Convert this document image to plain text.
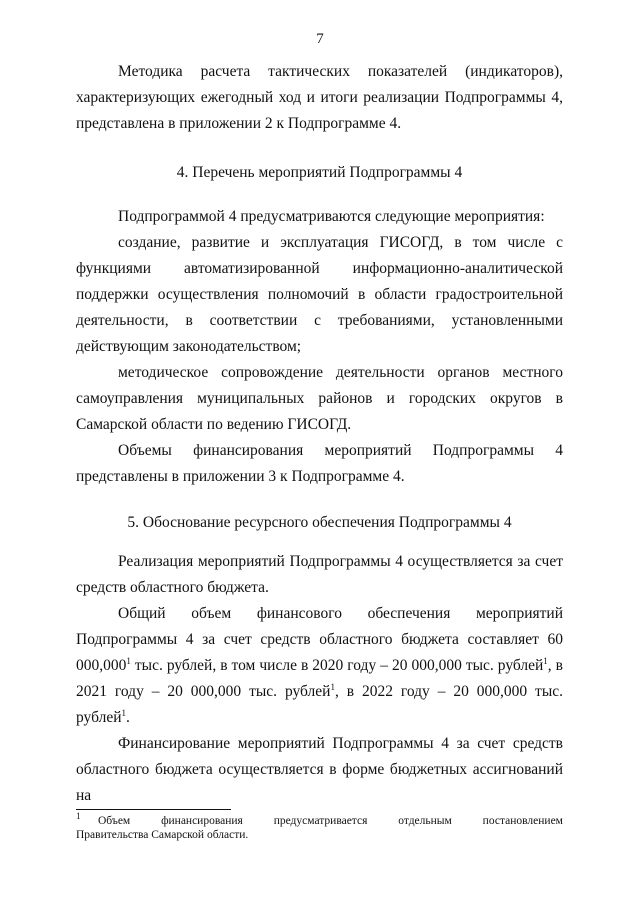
7

Методика расчета тактических показателей (индикаторов), характеризующих ежегодный ход и итоги реализации Подпрограммы 4, представлена в приложении 2 к Подпрограмме 4.

4. Перечень мероприятий Подпрограммы 4

Подпрограммой 4 предусматриваются следующие мероприятия:

создание, развитие и эксплуатация ГИСОГД, в том числе с функциями автоматизированной информационно-аналитической поддержки осуществления полномочий в области градостроительной деятельности, в соответствии с требованиями, установленными действующим законодательством;

методическое сопровождение деятельности органов местного самоуправления муниципальных районов и городских округов в Самарской области по ведению ГИСОГД.

Объемы финансирования мероприятий Подпрограммы 4 представлены в приложении 3 к Подпрограмме 4.

5. Обоснование ресурсного обеспечения Подпрограммы 4

Реализация мероприятий Подпрограммы 4 осуществляется за счет средств областного бюджета.

Общий объем финансового обеспечения мероприятий Подпрограммы 4 за счет средств областного бюджета составляет 60 000,000$^1$ тыс. рублей, в том числе в 2020 году – 20 000,000 тыс. рублей$^1$, в 2021 году – 20 000,000 тыс. рублей$^1$, в 2022 году – 20 000,000 тыс. рублей$^1$.

Финансирование мероприятий Подпрограммы 4 за счет средств областного бюджета осуществляется в форме бюджетных ассигнований на

1 Объем	финансирования	предусматривается	отдельным	постановлением
Правительства Самарской области.
